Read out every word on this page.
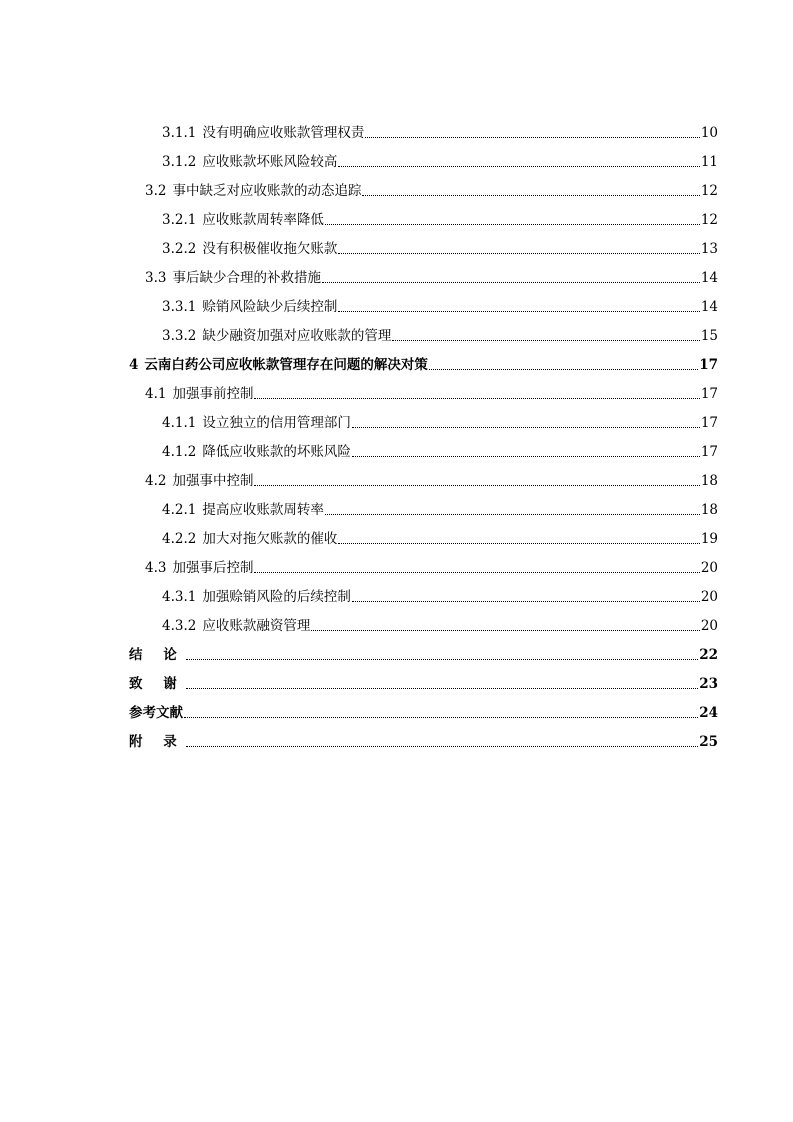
3.1.1 没有明确应收账款管理权责	10
3.1.2 应收账款坏账风险较高	11
3.2 事中缺乏对应收账款的动态追踪	12
3.2.1 应收账款周转率降低	12
3.2.2 没有积极催收拖欠账款	13
3.3 事后缺少合理的补救措施	14
3.3.1 赊销风险缺少后续控制	14
3.3.2 缺少融资加强对应收账款的管理	15
4 云南白药公司应收帐款管理存在问题的解决对策	17
4.1 加强事前控制	17
4.1.1 设立独立的信用管理部门	17
4.1.2 降低应收账款的坏账风险	17
4.2 加强事中控制	18
4.2.1 提高应收账款周转率	18
4.2.2 加大对拖欠账款的催收	19
4.3 加强事后控制	20
4.3.1 加强赊销风险的后续控制	20
4.3.2 应收账款融资管理	20
结 论	22
致 谢	23
参考文献	24
附 录	25
